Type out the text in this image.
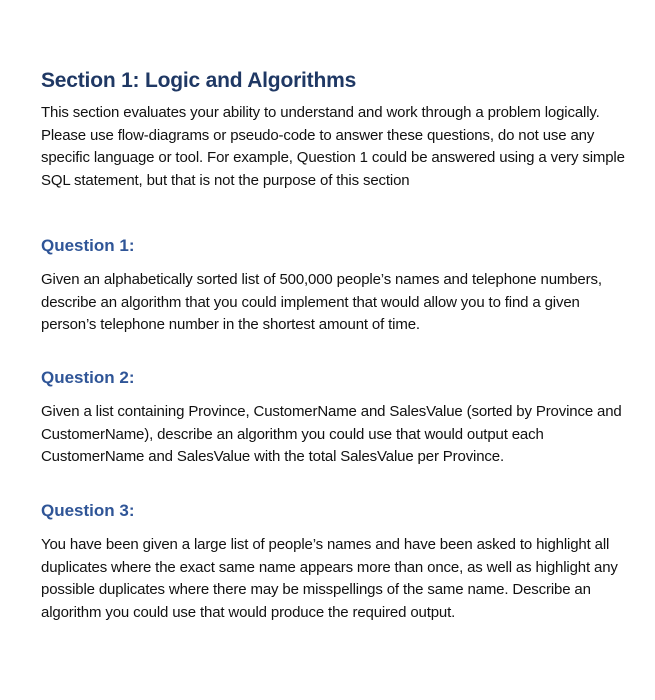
Section 1: Logic and Algorithms

This section evaluates your ability to understand and work through a problem logically. Please use flow-diagrams or pseudo-code to answer these questions, do not use any specific language or tool. For example, Question 1 could be answered using a very simple SQL statement, but that is not the purpose of this section

Question 1:

Given an alphabetically sorted list of 500,000 people’s names and telephone numbers, describe an algorithm that you could implement that would allow you to find a given person’s telephone number in the shortest amount of time.

Question 2:

Given a list containing Province, CustomerName and SalesValue (sorted by Province and CustomerName), describe an algorithm you could use that would output each CustomerName and SalesValue with the total SalesValue per Province.

Question 3:

You have been given a large list of people’s names and have been asked to highlight all duplicates where the exact same name appears more than once, as well as highlight any possible duplicates where there may be misspellings of the same name. Describe an algorithm you could use that would produce the required output.
